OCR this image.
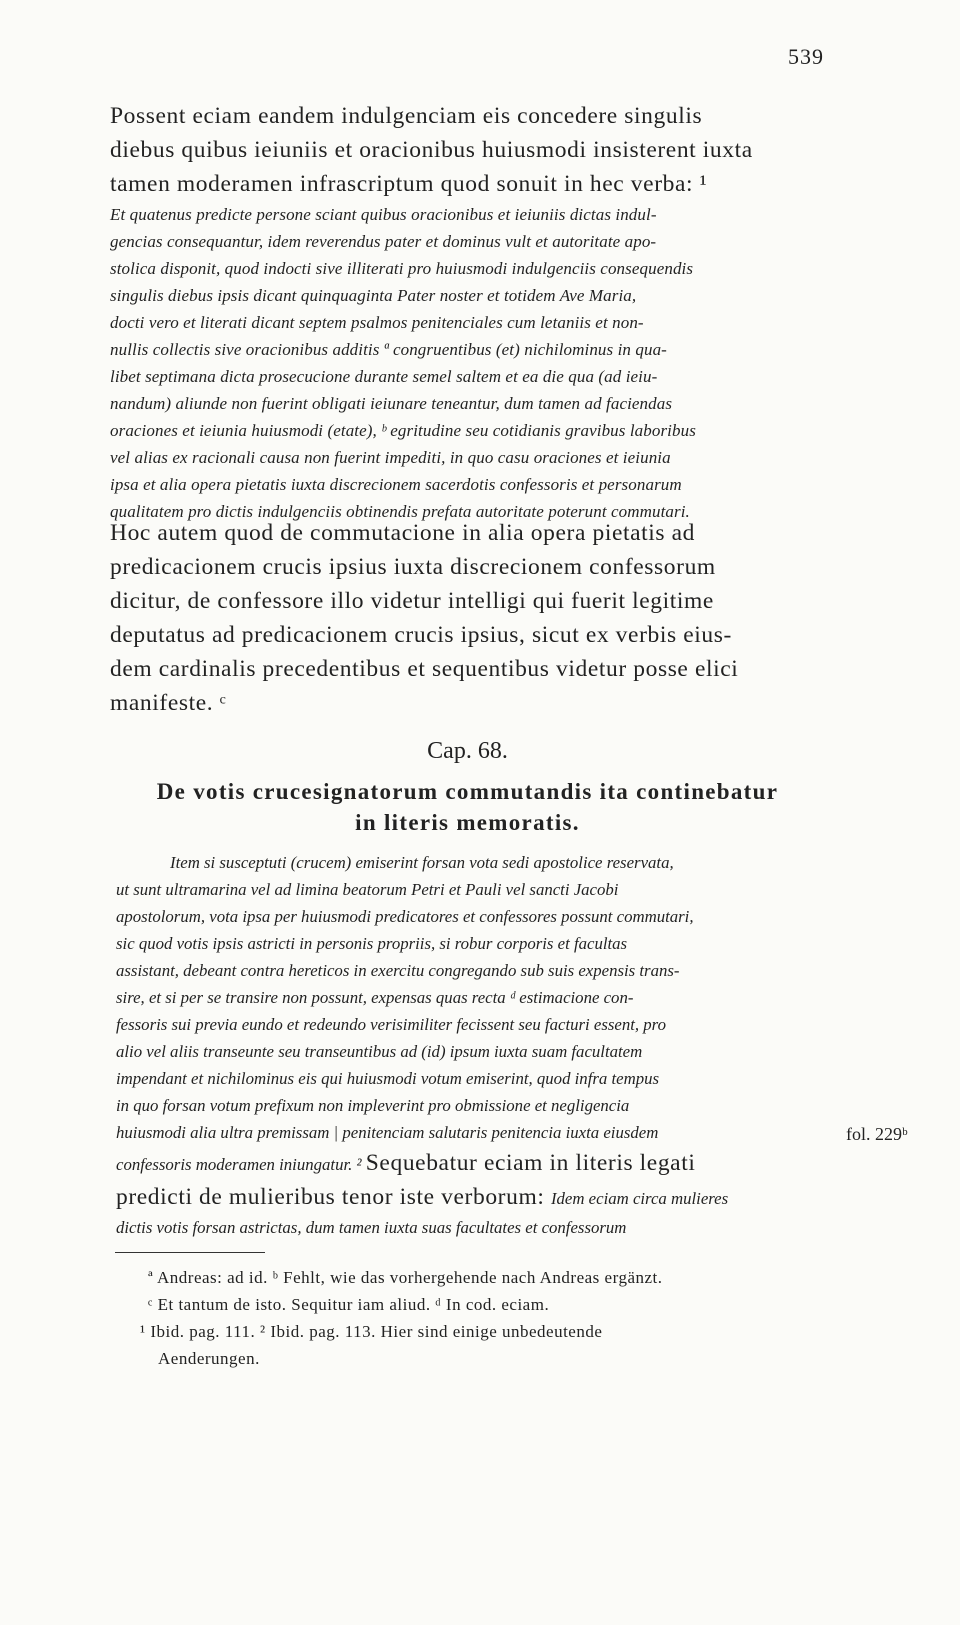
539
Possent eciam eandem indulgenciam eis concedere singulis
diebus quibus ieiuniis et oracionibus huiusmodi insisterent iuxta
tamen moderamen infrascriptum quod sonuit in hec verba: ¹
Et quatenus predicte persone sciant quibus oracionibus et ieiuniis dictas indul-
gencias consequantur, idem reverendus pater et dominus vult et autoritate apo-
stolica disponit, quod indocti sive illiterati pro huiusmodi indulgenciis consequendis
singulis diebus ipsis dicant quinquaginta Pater noster et totidem Ave Maria,
docti vero et literati dicant septem psalmos penitenciales cum letaniis et non-
nullis collectis sive oracionibus additis ª congruentibus (et) nichilominus in qua-
libet septimana dicta prosecucione durante semel saltem et ea die qua (ad ieiu-
nandum) aliunde non fuerint obligati ieiunare teneantur, dum tamen ad faciendas
oraciones et ieiunia huiusmodi (etate), ᵇ egritudine seu cotidianis gravibus laboribus
vel alias ex racionali causa non fuerint impediti, in quo casu oraciones et ieiunia
ipsa et alia opera pietatis iuxta discrecionem sacerdotis confessoris et personarum
qualitatem pro dictis indulgenciis obtinendis prefata autoritate poterunt commutari.
Hoc autem quod de commutacione in alia opera pietatis ad
predicacionem crucis ipsius iuxta discrecionem confessorum
dicitur, de confessore illo videtur intelligi qui fuerit legitime
deputatus ad predicacionem crucis ipsius, sicut ex verbis eius-
dem cardinalis precedentibus et sequentibus videtur posse elici
manifeste. ᶜ
Cap. 68.
De votis crucesignatorum commutandis ita continebatur
in literis memoratis.
Item si susceptuti (crucem) emiserint forsan vota sedi apostolice reservata,
ut sunt ultramarina vel ad limina beatorum Petri et Pauli vel sancti Jacobi
apostolorum, vota ipsa per huiusmodi predicatores et confessores possunt commutari,
sic quod votis ipsis astricti in personis propriis, si robur corporis et facultas
assistant, debeant contra hereticos in exercitu congregando sub suis expensis trans-
sire, et si per se transire non possunt, expensas quas recta ᵈ estimacione con-
fessoris sui previa eundo et redeundo verisimiliter fecissent seu facturi essent, pro
alio vel aliis transeunte seu transeuntibus ad (id) ipsum iuxta suam facultatem
impendant et nichilominus eis qui huiusmodi votum emiserint, quod infra tempus
in quo forsan votum prefixum non impleverint pro obmissione et negligencia
huiusmodi alia ultra premissam | penitenciam salutaris penitencia iuxta eiusdem
confessoris moderamen iniungatur. ² Sequebatur eciam in literis legati
predicti de mulieribus tenor iste verborum: Idem eciam circa mulieres
dictis votis forsan astrictas, dum tamen iuxta suas facultates et confessorum
fol. 229ᵇ
ª Andreas: ad id. ᵇ Fehlt, wie das vorhergehende nach Andreas ergänzt.
ᶜ Et tantum de isto. Sequitur iam aliud. ᵈ In cod. eciam.
¹ Ibid. pag. 111. ² Ibid. pag. 113. Hier sind einige unbedeutende
Aenderungen.
